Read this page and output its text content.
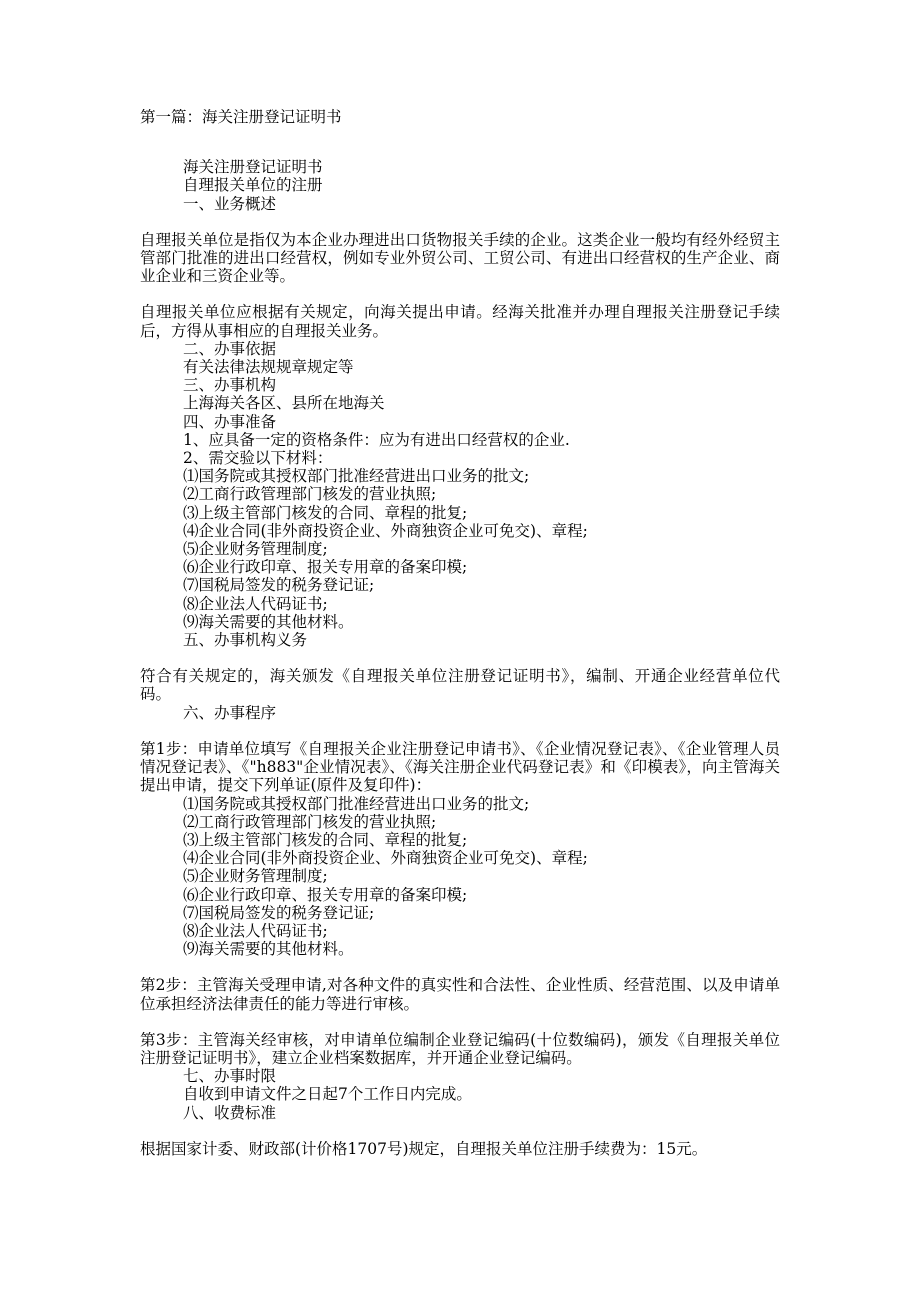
第一篇：海关注册登记证明书
海关注册登记证明书
自理报关单位的注册
一、业务概述

自理报关单位是指仅为本企业办理进出口货物报关手续的企业。这类企业一般均有经外经贸主管部门批准的进出口经营权，例如专业外贸公司、工贸公司、有进出口经营权的生产企业、商业企业和三资企业等。

自理报关单位应根据有关规定，向海关提出申请。经海关批准并办理自理报关注册登记手续后，方得从事相应的自理报关业务。

二、办事依据
有关法律法规规章规定等
三、办事机构
上海海关各区、县所在地海关
四、办事准备
1、应具备一定的资格条件：应为有进出口经营权的企业.
2、需交验以下材料：
⑴国务院或其授权部门批准经营进出口业务的批文;
⑵工商行政管理部门核发的营业执照;
⑶上级主管部门核发的合同、章程的批复;
⑷企业合同(非外商投资企业、外商独资企业可免交)、章程;
⑸企业财务管理制度;
⑹企业行政印章、报关专用章的备案印模;
⑺国税局签发的税务登记证;
⑻企业法人代码证书;
⑼海关需要的其他材料。
五、办事机构义务

符合有关规定的，海关颁发《自理报关单位注册登记证明书》，编制、开通企业经营单位代码。

六、办事程序

第1步：申请单位填写《自理报关企业注册登记申请书》、《企业情况登记表》、《企业管理人员情况登记表》、《"h883"企业情况表》、《海关注册企业代码登记表》和《印模表》，向主管海关提出申请，提交下列单证(原件及复印件)：

⑴国务院或其授权部门批准经营进出口业务的批文;
⑵工商行政管理部门核发的营业执照;
⑶上级主管部门核发的合同、章程的批复;
⑷企业合同(非外商投资企业、外商独资企业可免交)、章程;
⑸企业财务管理制度;
⑹企业行政印章、报关专用章的备案印模;
⑺国税局签发的税务登记证;
⑻企业法人代码证书;
⑼海关需要的其他材料。

第2步：主管海关受理申请,对各种文件的真实性和合法性、企业性质、经营范围、以及申请单位承担经济法律责任的能力等进行审核。

第3步：主管海关经审核，对申请单位编制企业登记编码(十位数编码)，颁发《自理报关单位注册登记证明书》，建立企业档案数据库，并开通企业登记编码。

七、办事时限
自收到申请文件之日起7个工作日内完成。
八、收费标准

根据国家计委、财政部(计价格1707号)规定，自理报关单位注册手续费为：15元。
